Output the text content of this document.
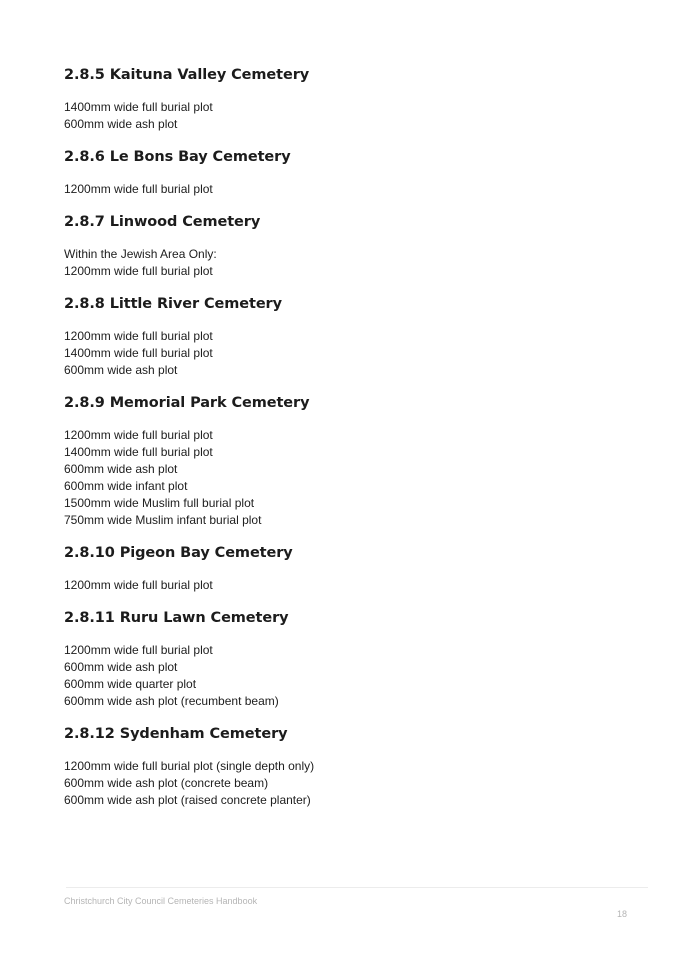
2.8.5 Kaituna Valley Cemetery
1400mm wide full burial plot
600mm wide ash plot
2.8.6 Le Bons Bay Cemetery
1200mm wide full burial plot
2.8.7 Linwood Cemetery
Within the Jewish Area Only:
1200mm wide full burial plot
2.8.8 Little River Cemetery
1200mm wide full burial plot
1400mm wide full burial plot
600mm wide ash plot
2.8.9 Memorial Park Cemetery
1200mm wide full burial plot
1400mm wide full burial plot
600mm wide ash plot
600mm wide infant plot
1500mm wide Muslim full burial plot
750mm wide Muslim infant burial plot
2.8.10 Pigeon Bay Cemetery
1200mm wide full burial plot
2.8.11 Ruru Lawn Cemetery
1200mm wide full burial plot
600mm wide ash plot
600mm wide quarter plot
600mm wide ash plot (recumbent beam)
2.8.12 Sydenham Cemetery
1200mm wide full burial plot (single depth only)
600mm wide ash plot (concrete beam)
600mm wide ash plot (raised concrete planter)
Christchurch City Council Cemeteries Handbook
18
